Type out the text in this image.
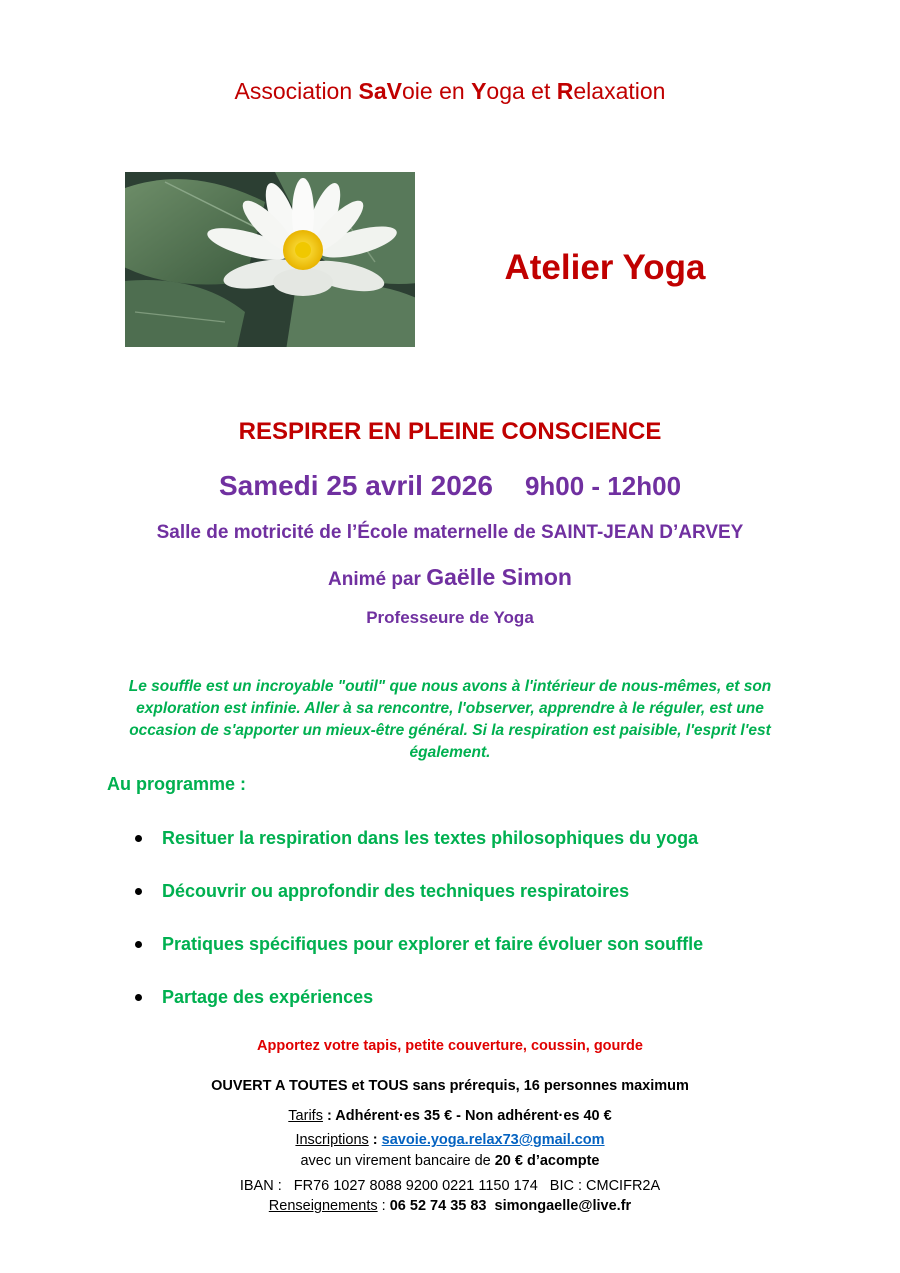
Association SaVoie en Yoga et Relaxation
Atelier Yoga
RESPIRER EN PLEINE CONSCIENCE
Samedi 25 avril 2026 9h00 - 12h00
Salle de motricité de l’École maternelle de SAINT-JEAN D’ARVEY
Animé par Gaëlle Simon
Professeure de Yoga
Le souffle est un incroyable "outil" que nous avons à l'intérieur de nous-mêmes, et son exploration est infinie. Aller à sa rencontre, l'observer, apprendre à le réguler, est une occasion de s'apporter un mieux-être général. Si la respiration est paisible, l'esprit l'est également.
Au programme :
Resituer la respiration dans les textes philosophiques du yoga
Découvrir ou approfondir des techniques respiratoires
Pratiques spécifiques pour explorer et faire évoluer son souffle
Partage des expériences
Apportez votre tapis, petite couverture, coussin, gourde
OUVERT A TOUTES et TOUS sans prérequis, 16 personnes maximum
Tarifs : Adhérent·es 35 € - Non adhérent·es 40 €
Inscriptions : savoie.yoga.relax73@gmail.com
avec un virement bancaire de 20 € d’acompte
IBAN : FR76 1027 8088 9200 0221 1150 174 BIC : CMCIFR2A
Renseignements : 06 52 74 35 83 simongaelle@live.fr
